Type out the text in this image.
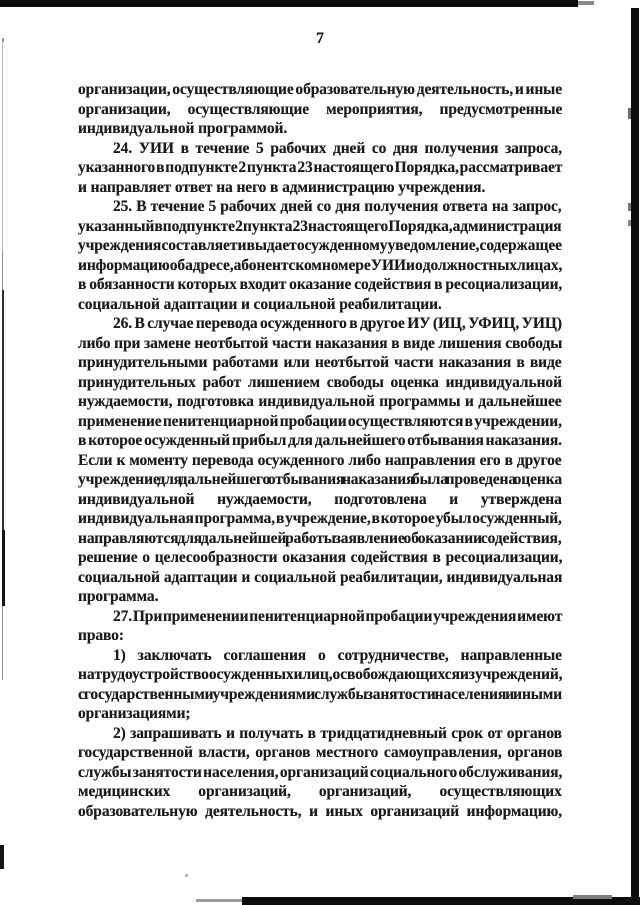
7
организации, осуществляющие образовательную деятельность, и иные
организации, осуществляющие мероприятия, предусмотренные
индивидуальной программой.
24. УИИ в течение 5 рабочих дней со дня получения запроса,
указанного в подпункте 2 пункта 23 настоящего Порядка, рассматривает
и направляет ответ на него в администрацию учреждения.
25. В течение 5 рабочих дней со дня получения ответа на запрос,
указанный в подпункте 2 пункта 23 настоящего Порядка, администрация
учреждения составляет и выдает осужденному уведомление, содержащее
информацию об адресе, абонентском номере УИИ и о должностных лицах,
в обязанности которых входит оказание содействия в ресоциализации,
социальной адаптации и социальной реабилитации.
26. В случае перевода осужденного в другое ИУ (ИЦ, УФИЦ, УИЦ)
либо при замене неотбытой части наказания в виде лишения свободы
принудительными работами или неотбытой части наказания в виде
принудительных работ лишением свободы оценка индивидуальной
нуждаемости, подготовка индивидуальной программы и дальнейшее
применение пенитенциарной пробации осуществляются в учреждении,
в которое осужденный прибыл для дальнейшего отбывания наказания.
Если к моменту перевода осужденного либо направления его в другое
учреждение для дальнейшего отбывания наказания была проведена оценка
индивидуальной нуждаемости, подготовлена и утверждена
индивидуальная программа, в учреждение, в которое убыл осужденный,
направляются для дальнейшей работы заявление об оказании содействия,
решение о целесообразности оказания содействия в ресоциализации,
социальной адаптации и социальной реабилитации, индивидуальная
программа.
27. При применении пенитенциарной пробации учреждения имеют
право:
1) заключать соглашения о сотрудничестве, направленные
на трудоустройство осужденных и лиц, освобождающихся из учреждений,
с государственными учреждениями службы занятости населения и иными
организациями;
2) запрашивать и получать в тридцатидневный срок от органов
государственной власти, органов местного самоуправления, органов
службы занятости населения, организаций социального обслуживания,
медицинских организаций, организаций, осуществляющих
образовательную деятельность, и иных организаций информацию,
